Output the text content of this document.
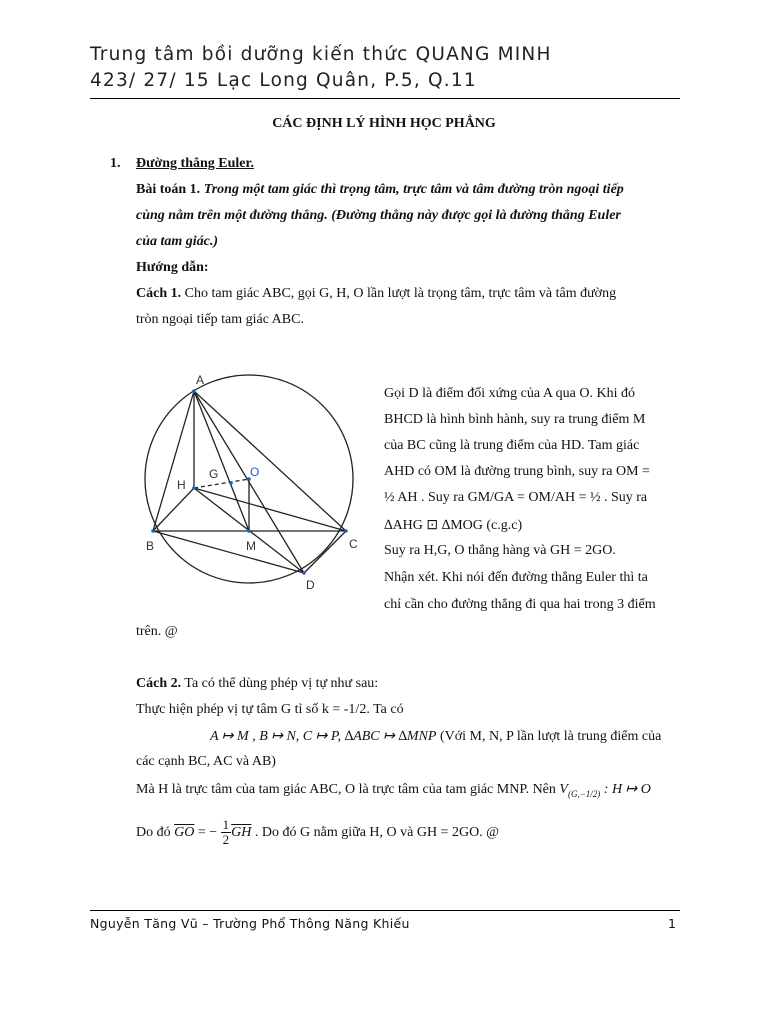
Trung tâm bồi dưỡng kiến thức QUANG MINH
423/ 27/ 15 Lạc Long Quân, P.5, Q.11
CÁC ĐỊNH LÝ HÌNH HỌC PHẲNG
1. Đường thẳng Euler.
Bài toán 1. Trong một tam giác thì trọng tâm, trực tâm và tâm đường tròn ngoại tiếp
cùng nằm trên một đường thẳng. (Đường thẳng này được gọi là đường thẳng Euler
của tam giác.)
Hướng dẫn:
Cách 1. Cho tam giác ABC, gọi G, H, O lần lượt là trọng tâm, trực tâm và tâm đường
tròn ngoại tiếp tam giác ABC.
A
B	C
D
G
H
M
O
Gọi D là điểm đối xứng của A qua O. Khi đó
BHCD là hình bình hành, suy ra trung điểm M
của BC cũng là trung điểm của HD. Tam giác
AHD có OM là đường trung bình, suy ra OM =
½ AH . Suy ra GM/GA = OM/AH = ½ . Suy ra
∆AHG ⊡ ∆MOG (c.g.c)
Suy ra H,G, O thẳng hàng và GH = 2GO.
Nhận xét. Khi nói đến đường thẳng Euler thì ta
chỉ cần cho đường thẳng đi qua hai trong 3 điểm
trên. @
Cách 2. Ta có thể dùng phép vị tự như sau:
Thực hiện phép vị tự tâm G tỉ số k = -1/2. Ta có
A ↦ M , B ↦ N, C ↦ P, ∆ABC ↦ ∆MNP (Với M, N, P lần lượt là trung điểm của
các cạnh BC, AC và AB)
Mà H là trực tâm của tam giác ABC, O là trực tâm của tam giác MNP. Nên $V_{(G,-1/2)}$ : H ↦ O
Do đó $\overline{GO}$ = − $\frac{1}{2} \overline{GH}$ . Do đó G nằm giữa H, O và GH = 2GO. @
Nguyễn Tăng Vũ – Trường Phổ Thông Năng Khiếu	1
